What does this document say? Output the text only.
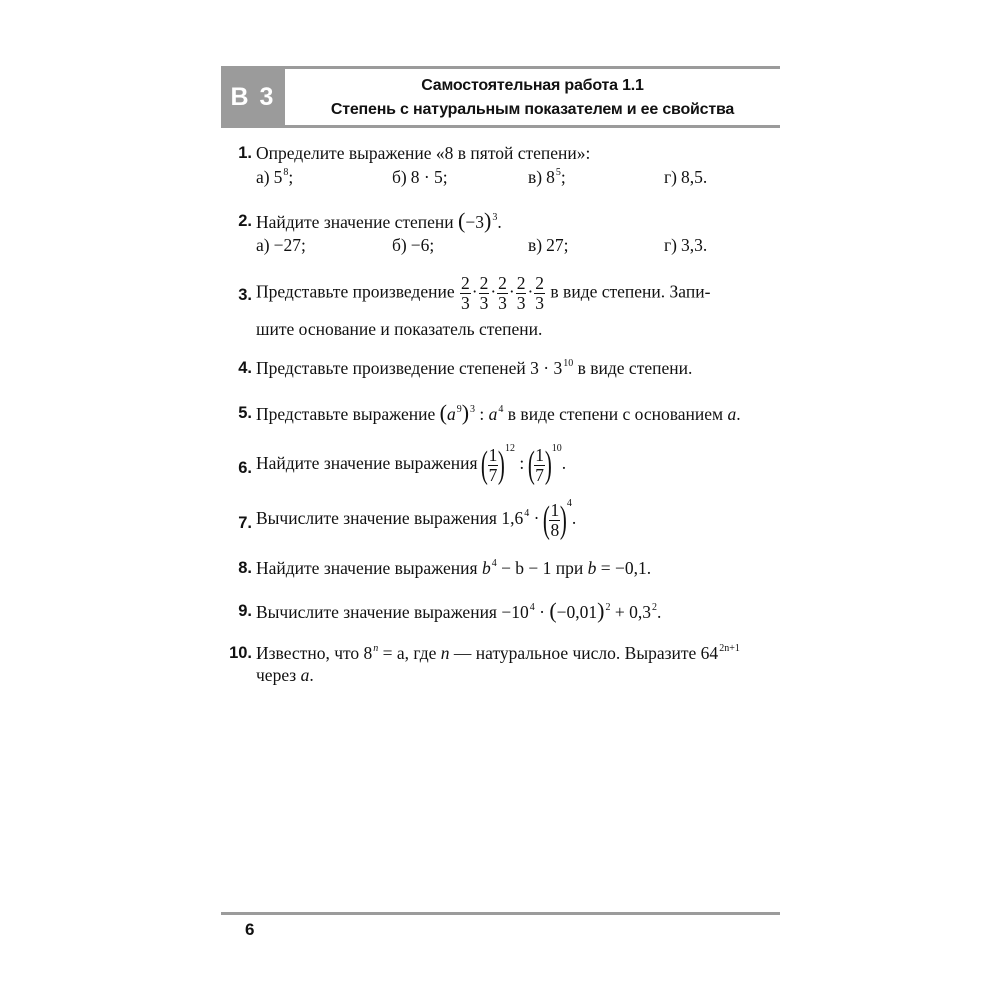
В 3	Самостоятельная работа 1.1
Степень с натуральным показателем и ее свойства
1. Определите выражение «8 в пятой степени»:
а) $5^8$;	б) 8 · 5;	в) $8^5$;	г) 8,5.
2. Найдите значение степени $(-3)^3$.
а) −27;	б) −6;	в) 27;	г) 3,3.
3. Представьте произведение $\frac{2}{3} \cdot \frac{2}{3} \cdot \frac{2}{3} \cdot \frac{2}{3} \cdot \frac{2}{3}$ в виде степени. Запи-
шите основание и показатель степени.
4. Представьте произведение степеней $3 \cdot 3^{10}$ в виде степени.
5. Представьте выражение $(a^9)^3$ : $a^4$ в виде степени с основанием a.
6. Найдите значение выражения ( $\frac{1}{7} )^{12}$ : ( $\frac{1}{7} )^{10}$.
7. Вычислите значение выражения $1,6^4$ · ( $\frac{1}{8} )^4$.
8. Найдите значение выражения $b^4 - b - 1$ при b = −0,1.
9. Вычислите значение выражения $-10^4 \cdot (-0,01)^2 + 0,3^2$.
10. Известно, что $8^n = a$, где n — натуральное число. Выразите $64^{2n+1}$
через a.
6
